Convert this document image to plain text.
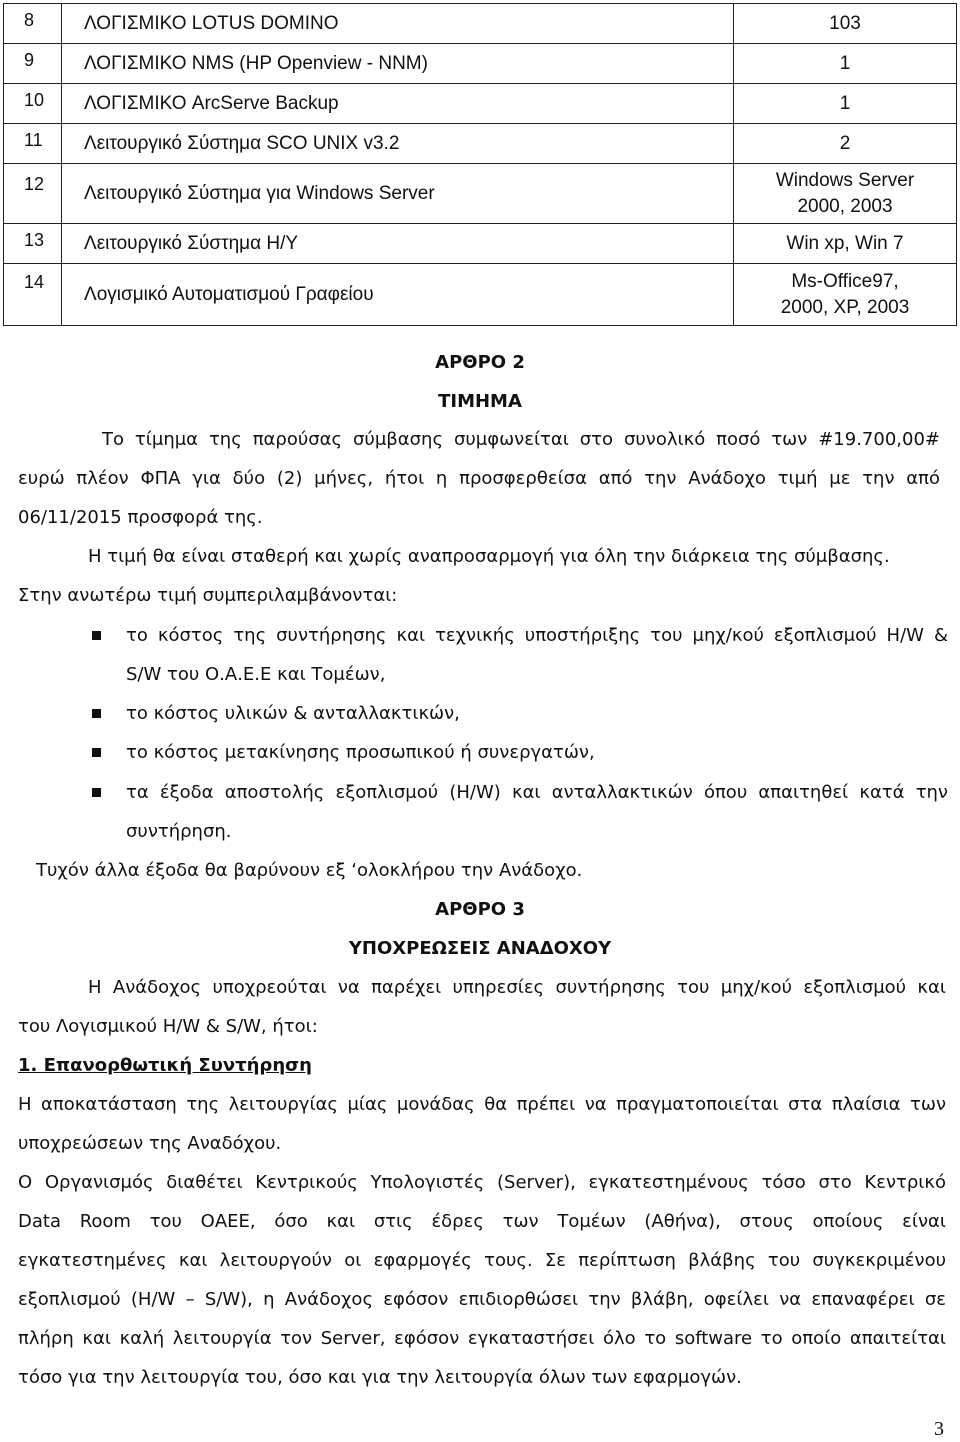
8	ΛΟΓΙΣΜΙΚΟ LOTUS DOMINO	103
9	ΛΟΓΙΣΜΙΚΟ NMS (HP Openview - NNM)	1
10	ΛΟΓΙΣΜΙΚΟ ArcServe Backup	1
11	Λειτουργικό Σύστημα SCO UNIX v3.2	2
12	Λειτουργικό Σύστημα για Windows Server	Windows Server
2000, 2003

13	Λειτουργικό Σύστημα Η/Υ	Win xp, Win 7
14	Λογισμικό Αυτοματισμού Γραφείου	Ms-Office97,
2000, XP, 2003
ΑΡΘΡΟ 2
ΤΙΜΗΜΑ
Το τίμημα της παρούσας σύμβασης συμφωνείται στο συνολικό ποσό των #19.700,00#
ευρώ πλέον ΦΠΑ για δύο (2) μήνες, ήτοι η προσφερθείσα από την Ανάδοχο τιμή με την από
06/11/2015 προσφορά της.
Η τιμή θα είναι σταθερή και χωρίς αναπροσαρμογή για όλη την διάρκεια της σύμβασης.
Στην ανωτέρω τιμή συμπεριλαμβάνονται:
το κόστος της συντήρησης και τεχνικής υποστήριξης του μηχ/κού εξοπλισμού H/W &
S/W του Ο.Α.Ε.Ε και Τομέων,
το κόστος υλικών & ανταλλακτικών,
το κόστος μετακίνησης προσωπικού ή συνεργατών,
τα έξοδα αποστολής εξοπλισμού (H/W) και ανταλλακτικών όπου απαιτηθεί κατά την
συντήρηση.
Τυχόν άλλα έξοδα θα βαρύνουν εξ ‘ολοκλήρου την Ανάδοχο.
ΑΡΘΡΟ 3
ΥΠΟΧΡΕΩΣΕΙΣ ΑΝΑΔΟΧΟΥ
Η Ανάδοχος υποχρεούται να παρέχει υπηρεσίες συντήρησης του μηχ/κού εξοπλισμού και
του Λογισμικού H/W & S/W, ήτοι:
1. Επανορθωτική Συντήρηση
Η αποκατάσταση της λειτουργίας μίας μονάδας θα πρέπει να πραγματοποιείται στα πλαίσια των
υποχρεώσεων της Αναδόχου.
Ο Οργανισμός διαθέτει Κεντρικούς Υπολογιστές (Server), εγκατεστημένους τόσο στο Κεντρικό
Data Room του ΟΑΕΕ, όσο και στις έδρες των Τομέων (Αθήνα), στους οποίους είναι
εγκατεστημένες και λειτουργούν οι εφαρμογές τους. Σε περίπτωση βλάβης του συγκεκριμένου
εξοπλισμού (H/W – S/W), η Ανάδοχος εφόσον επιδιορθώσει την βλάβη, οφείλει να επαναφέρει σε
πλήρη και καλή λειτουργία τον Server, εφόσον εγκαταστήσει όλο το software το οποίο απαιτείται
τόσο για την λειτουργία του, όσο και για την λειτουργία όλων των εφαρμογών.
3
